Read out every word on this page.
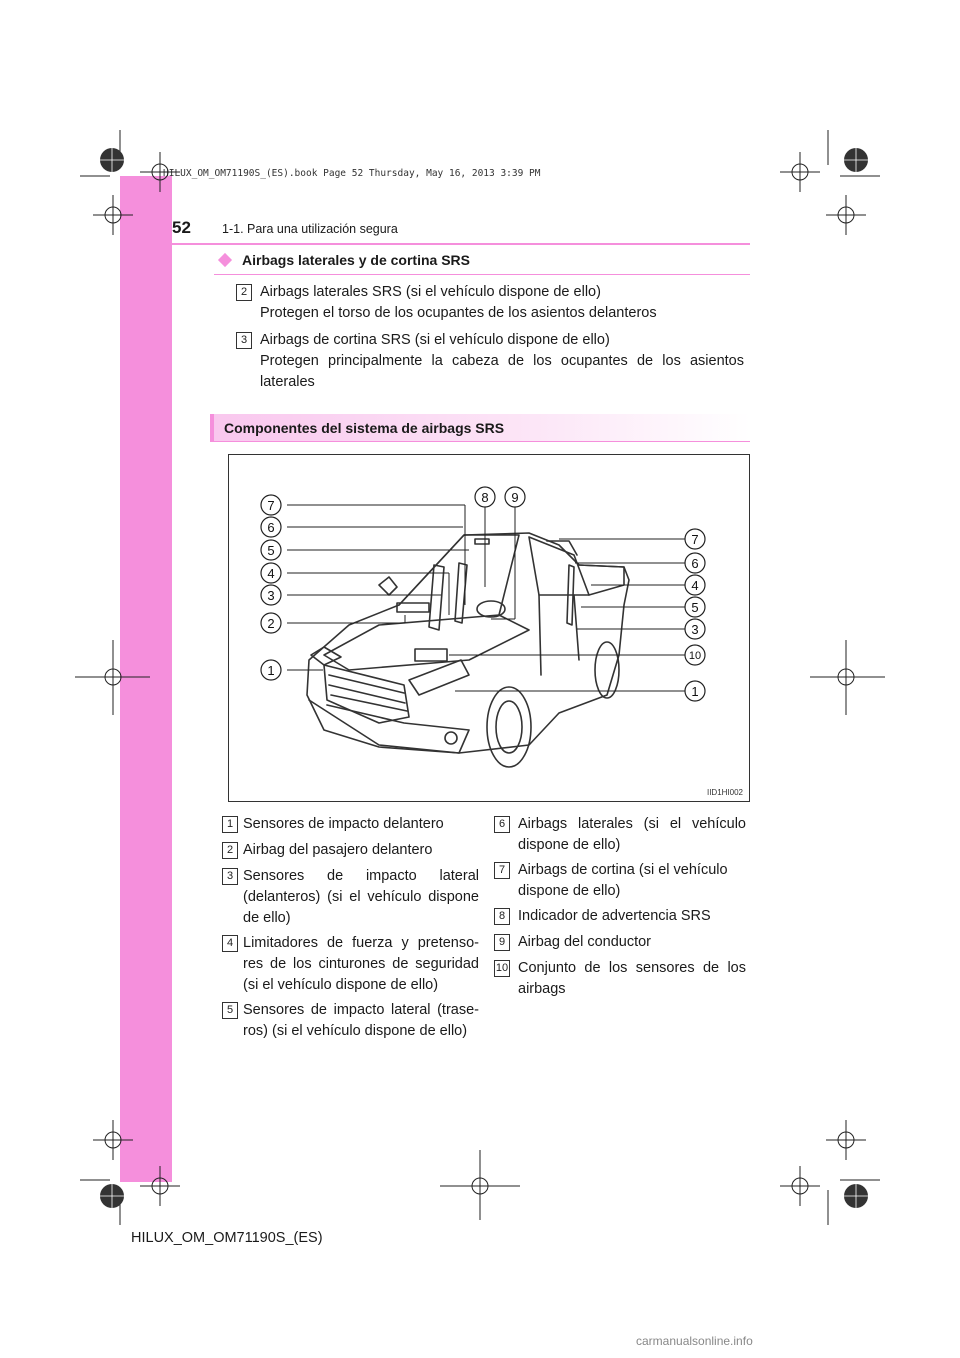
HILUX_OM_OM71190S_(ES).book Page 52 Thursday, May 16, 2013 3:39 PM
52 1-1. Para una utilización segura
Airbags laterales y de cortina SRS
2 Airbags laterales SRS (si el vehículo dispone de ello)
Protegen el torso de los ocupantes de los asientos delanteros
3 Airbags de cortina SRS (si el vehículo dispone de ello)
Protegen principalmente la cabeza de los ocupantes de los asientos laterales
Componentes del sistema de airbags SRS
7
6
5
4
3
2
1
8 9
7
6
4
5
3
10
1
IID1HI002
1 Sensores de impacto delantero
2 Airbag del pasajero delantero
3 Sensores de impacto lateral (delanteros) (si el vehículo dispone de ello)
4 Limitadores de fuerza y pretenso-res de los cinturones de seguridad (si el vehículo dispone de ello)
5 Sensores de impacto lateral (trase-ros) (si el vehículo dispone de ello)
6 Airbags laterales (si el vehículo dispone de ello)
7 Airbags de cortina (si el vehículo dispone de ello)
8 Indicador de advertencia SRS
9 Airbag del conductor
10 Conjunto de los sensores de los airbags
HILUX_OM_OM71190S_(ES)
carmanualsonline.info
